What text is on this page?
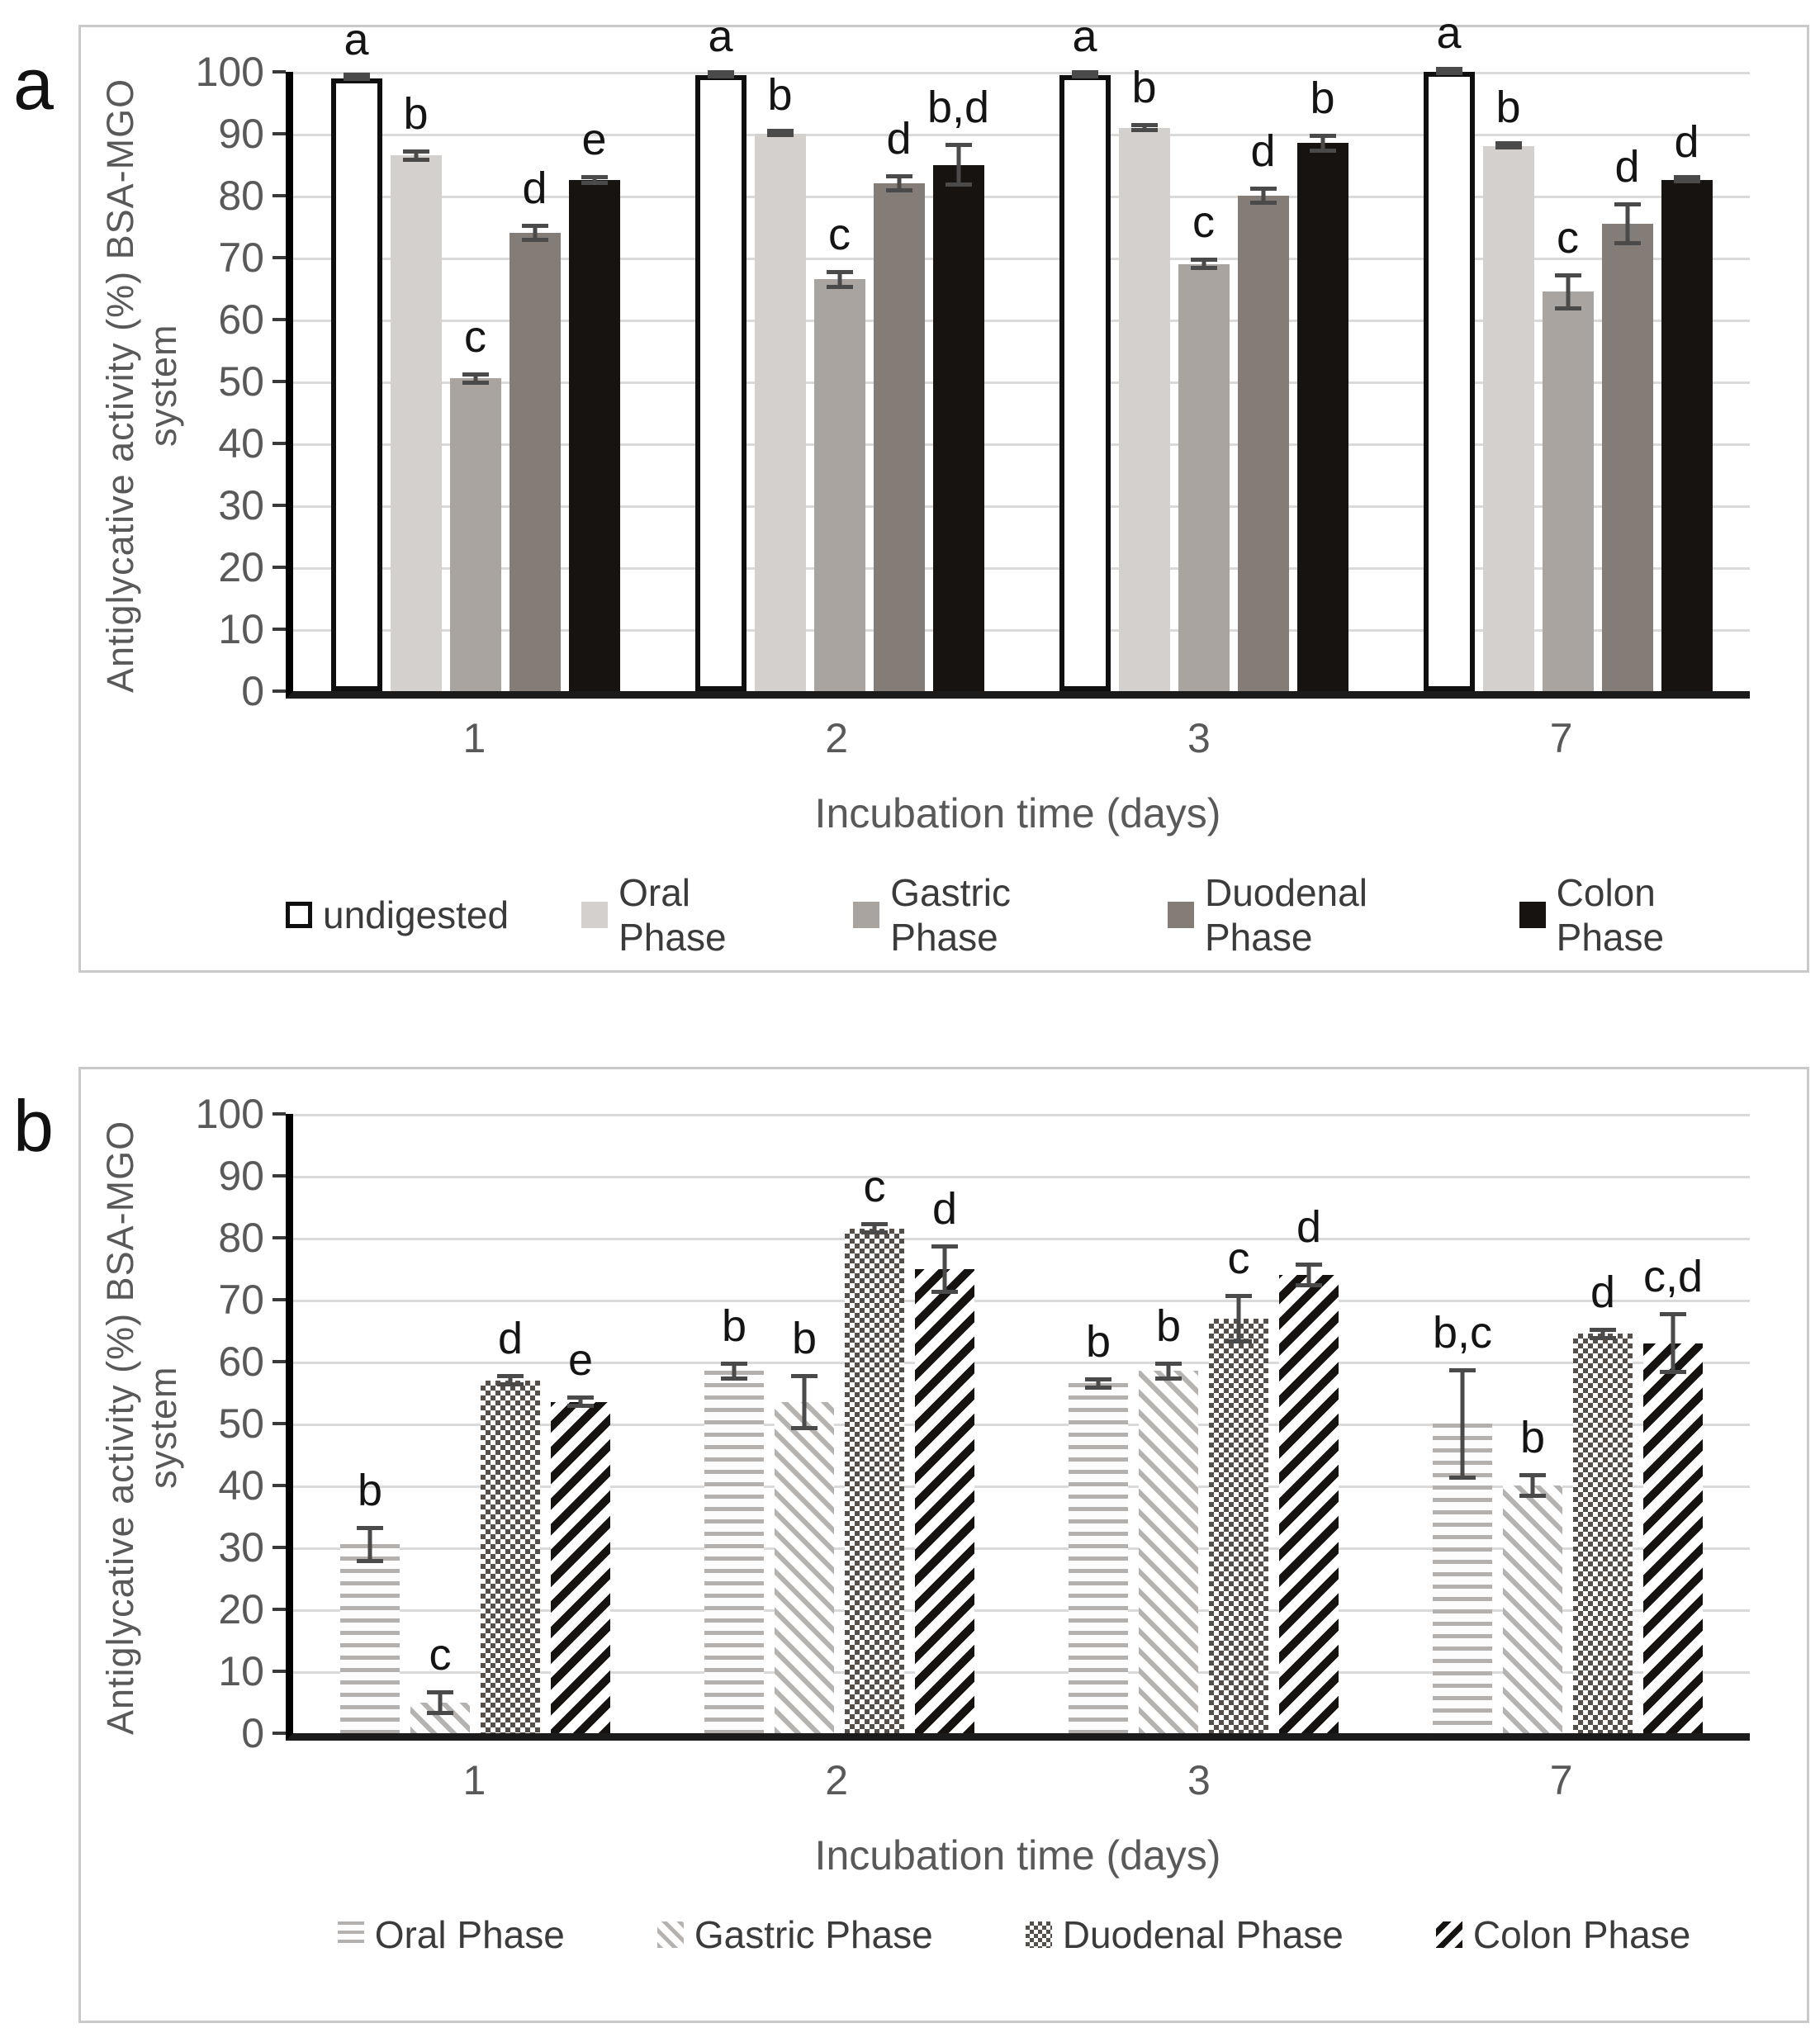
a Antiglycative activity (%) BSA-MGO system
100
90
80
70
60
50
40
30
20
10
0
a
b
c
d
e
a
b
c
d
b,d
a
b
c
d
b
a
b
c
d d
1	2	3	7
Incubation time (days)
undigested
Oral Phase
Gastric Phase
Duodenal Phase
Colon Phase
b Antiglycative activity (%) BSA-MGO system
100
90
80
70
60
50
40
30
20
10
0
b
c
d e
b b
c d
b b
c
d
b,c
b
d c,d
1	2	3	7
Incubation time (days)
Oral Phase	Gastric Phase	Duodenal Phase	Colon Phase
